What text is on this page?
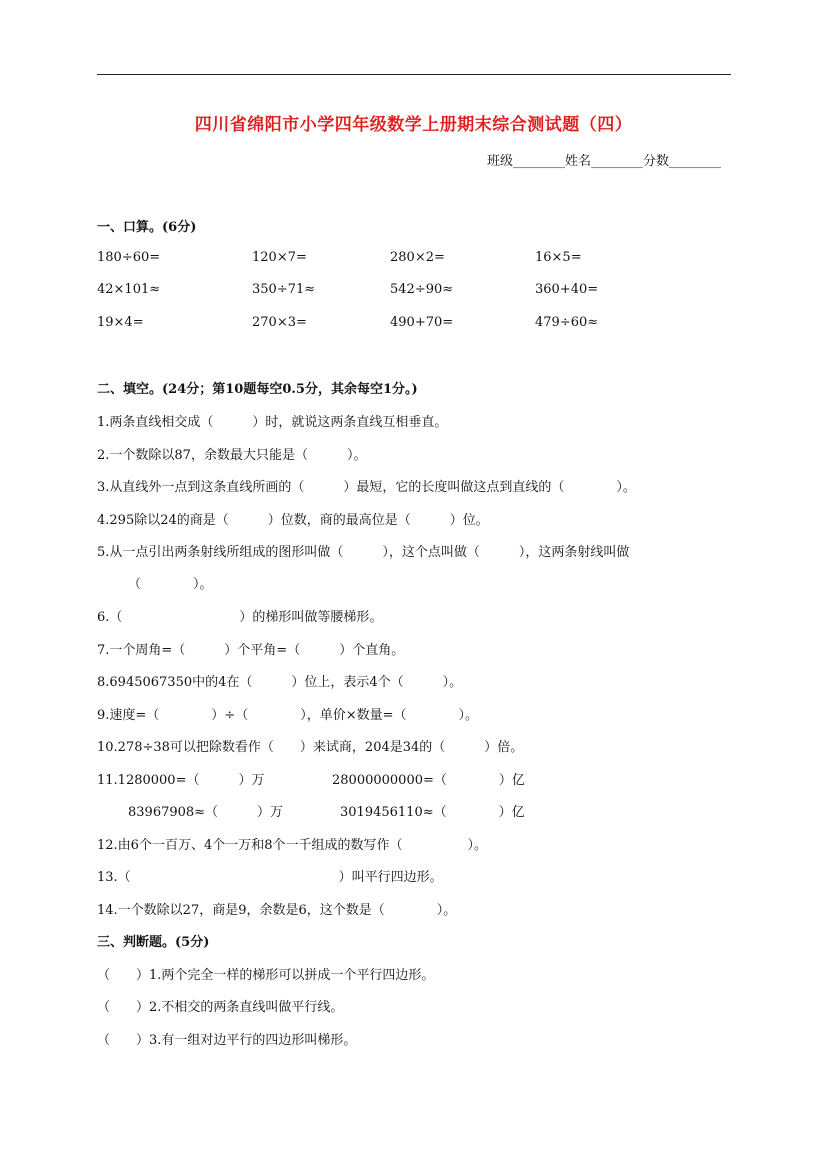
四川省绵阳市小学四年级数学上册期末综合测试题（四）
班级________姓名________分数________
一、口算。(6分)
180÷60=	120×7=	280×2=	16×5=
42×101≈	350÷71≈	542÷90≈	360+40=
19×4=	270×3=	490+70=	479÷60≈
二、填空。(24分；第10题每空0.5分，其余每空1分。)
1.两条直线相交成（　　　）时，就说这两条直线互相垂直。
2.一个数除以87，余数最大只能是（　　　）。
3.从直线外一点到这条直线所画的（　　　）最短，它的长度叫做这点到直线的（　　　　）。
4.295除以24的商是（　　　）位数，商的最高位是（　　　）位。
5.从一点引出两条射线所组成的图形叫做（　　　），这个点叫做（　　　），这两条射线叫做
（　　　　）。
6.（　　　　　　　　　）的梯形叫做等腰梯形。
7.一个周角=（　　　）个平角=（　　　）个直角。
8.6945067350中的4在（　　　）位上，表示4个（　　　）。
9.速度=（　　　　）÷（　　　　），单价×数量=（　　　　）。
10.278÷38可以把除数看作（　　）来试商，204是34的（　　　）倍。
11.1280000=（　　　）万	28000000000=（　　　　）亿
83967908≈（　　　）万	3019456110≈（　　　　）亿
12.由6个一百万、4个一万和8个一千组成的数写作（　　　　　）。
13.（　　　　　　　　　　　　　　　　）叫平行四边形。
14.一个数除以27，商是9，余数是6，这个数是（　　　　）。
三、判断题。(5分)
（　　）1.两个完全一样的梯形可以拼成一个平行四边形。
（　　）2.不相交的两条直线叫做平行线。
（　　）3.有一组对边平行的四边形叫梯形。
